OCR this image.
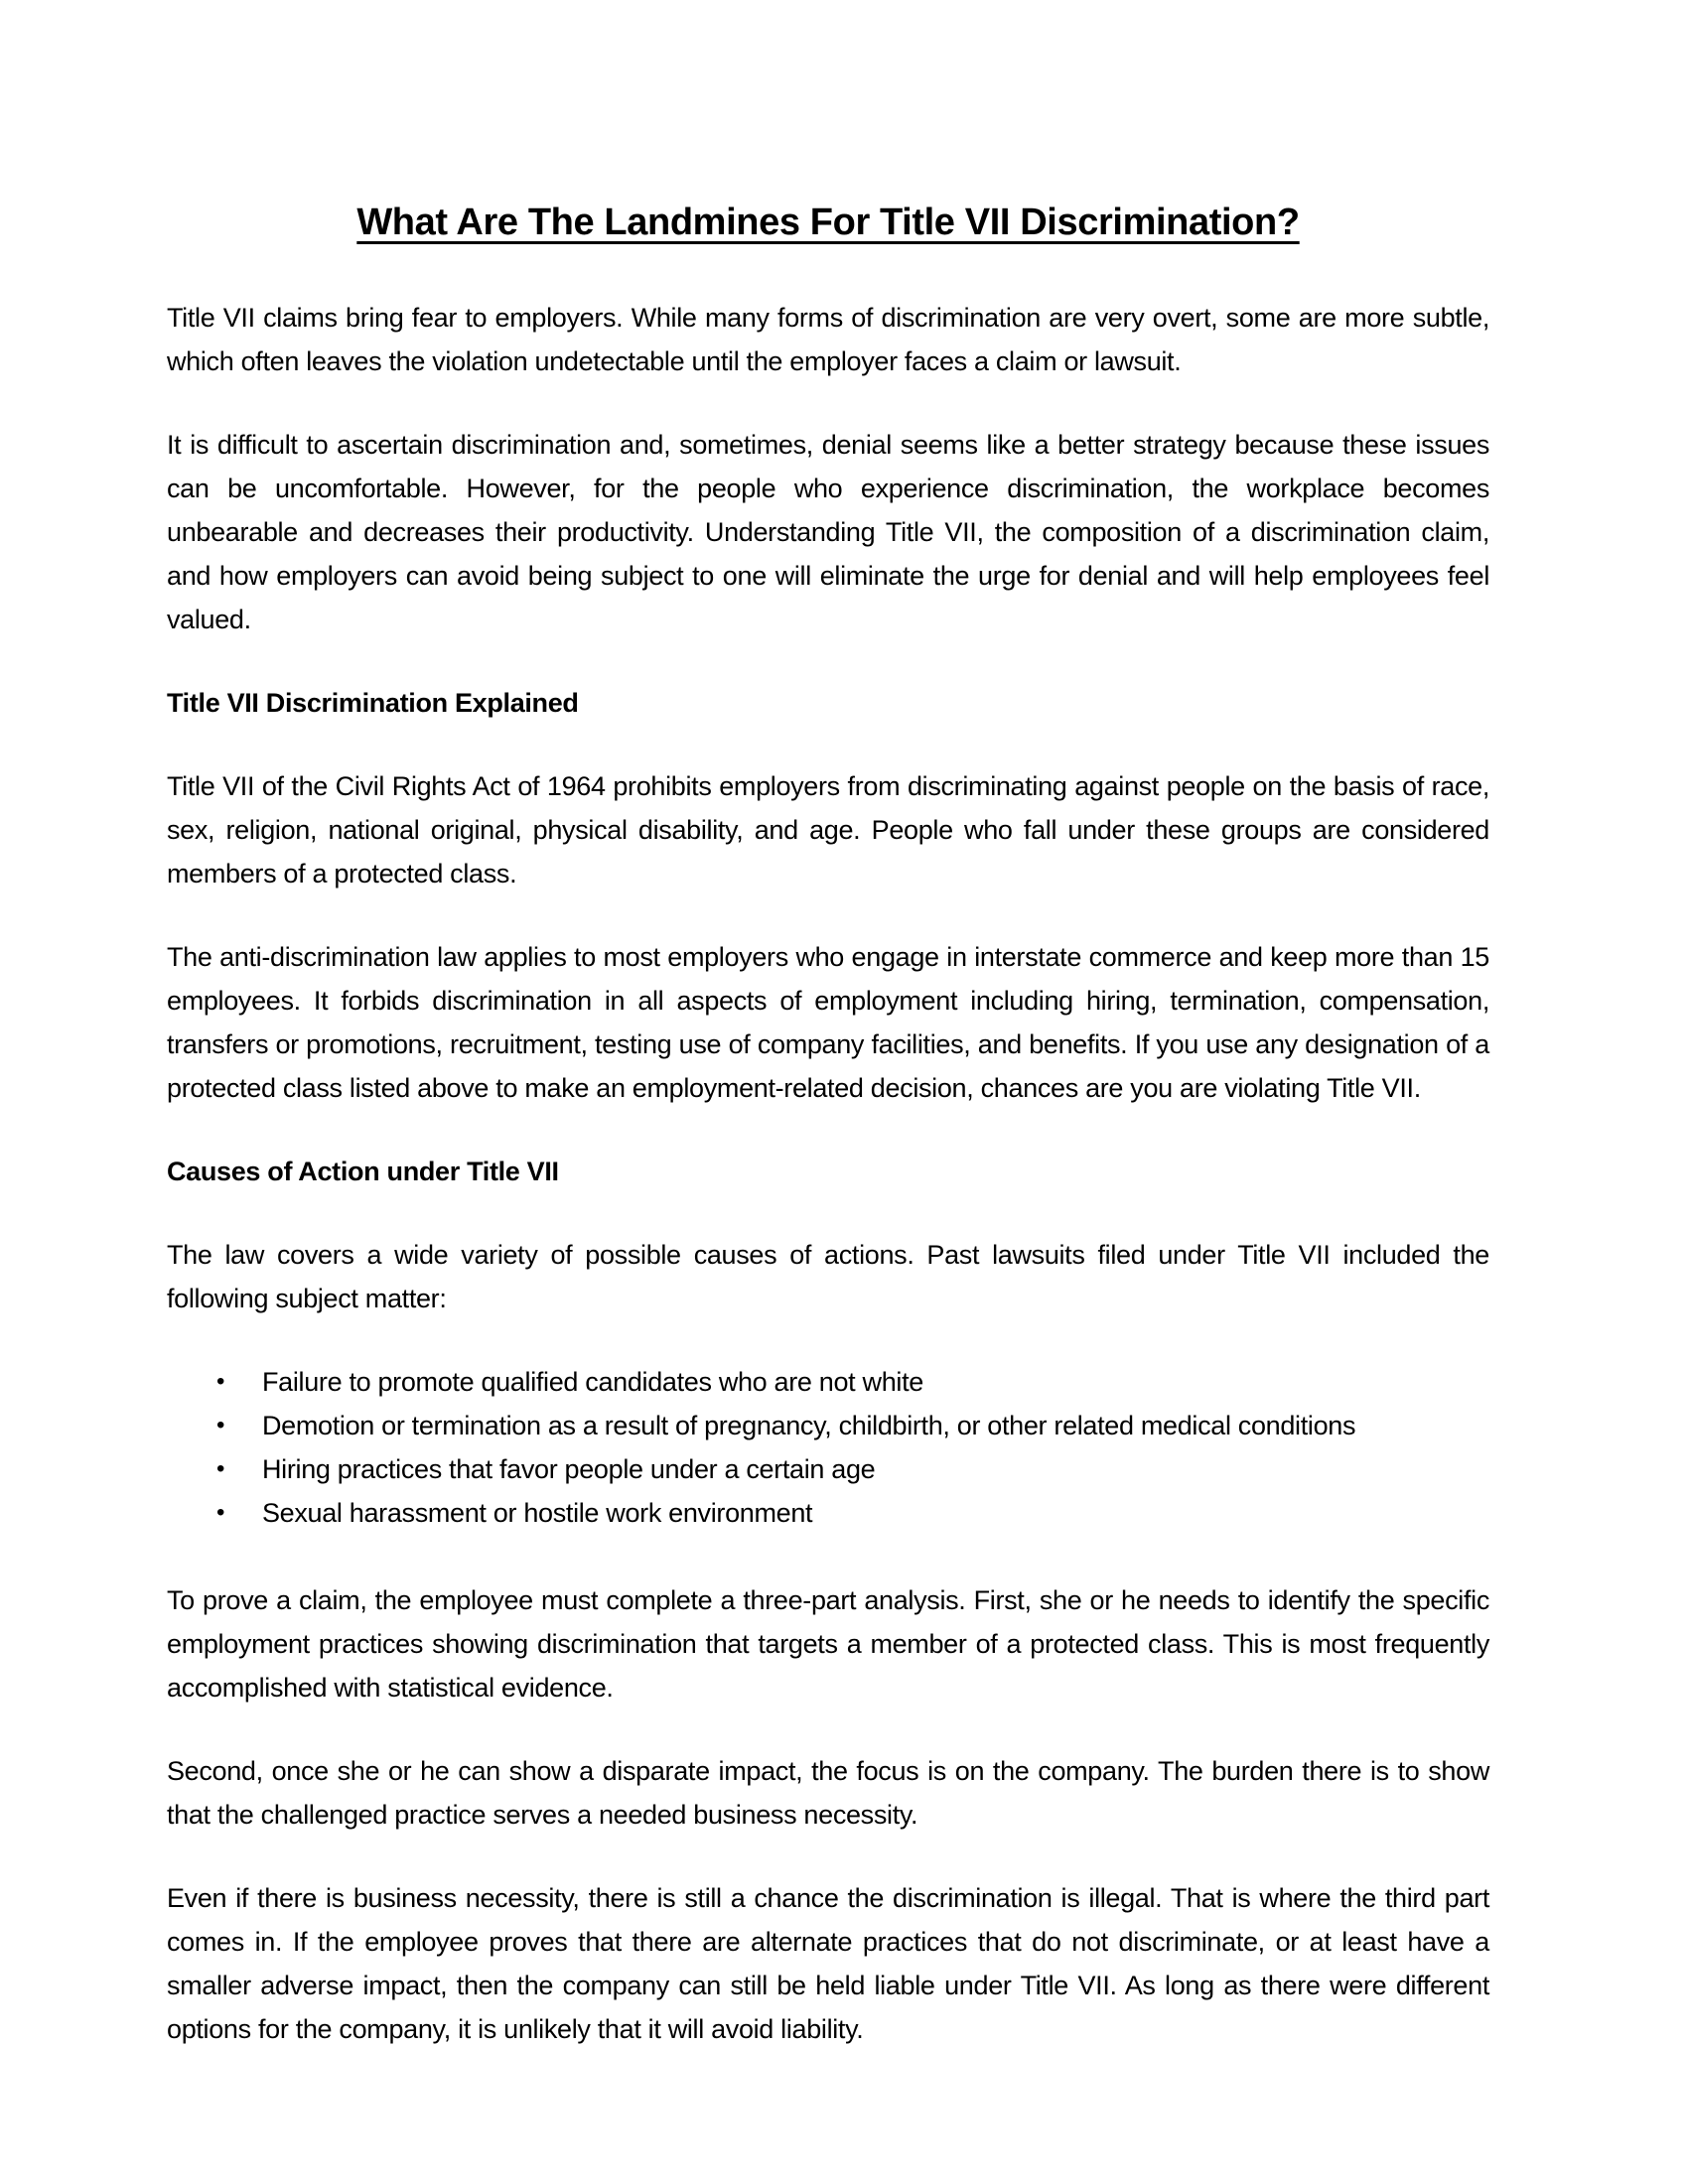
What Are The Landmines For Title VII Discrimination?

Title VII claims bring fear to employers. While many forms of discrimination are very overt, some are more subtle, which often leaves the violation undetectable until the employer faces a claim or lawsuit.

It is difficult to ascertain discrimination and, sometimes, denial seems like a better strategy because these issues can be uncomfortable. However, for the people who experience discrimination, the workplace becomes unbearable and decreases their productivity. Understanding Title VII, the composition of a discrimination claim, and how employers can avoid being subject to one will eliminate the urge for denial and will help employees feel valued.

Title VII Discrimination Explained

Title VII of the Civil Rights Act of 1964 prohibits employers from discriminating against people on the basis of race, sex, religion, national original, physical disability, and age. People who fall under these groups are considered members of a protected class.

The anti-discrimination law applies to most employers who engage in interstate commerce and keep more than 15 employees. It forbids discrimination in all aspects of employment including hiring, termination, compensation, transfers or promotions, recruitment, testing use of company facilities, and benefits. If you use any designation of a protected class listed above to make an employment-related decision, chances are you are violating Title VII.

Causes of Action under Title VII

The law covers a wide variety of possible causes of actions. Past lawsuits filed under Title VII included the following subject matter:

• Failure to promote qualified candidates who are not white
• Demotion or termination as a result of pregnancy, childbirth, or other related medical conditions
• Hiring practices that favor people under a certain age
• Sexual harassment or hostile work environment

To prove a claim, the employee must complete a three-part analysis. First, she or he needs to identify the specific employment practices showing discrimination that targets a member of a protected class. This is most frequently accomplished with statistical evidence.

Second, once she or he can show a disparate impact, the focus is on the company. The burden there is to show that the challenged practice serves a needed business necessity.

Even if there is business necessity, there is still a chance the discrimination is illegal. That is where the third part comes in. If the employee proves that there are alternate practices that do not discriminate, or at least have a smaller adverse impact, then the company can still be held liable under Title VII. As long as there were different options for the company, it is unlikely that it will avoid liability.
